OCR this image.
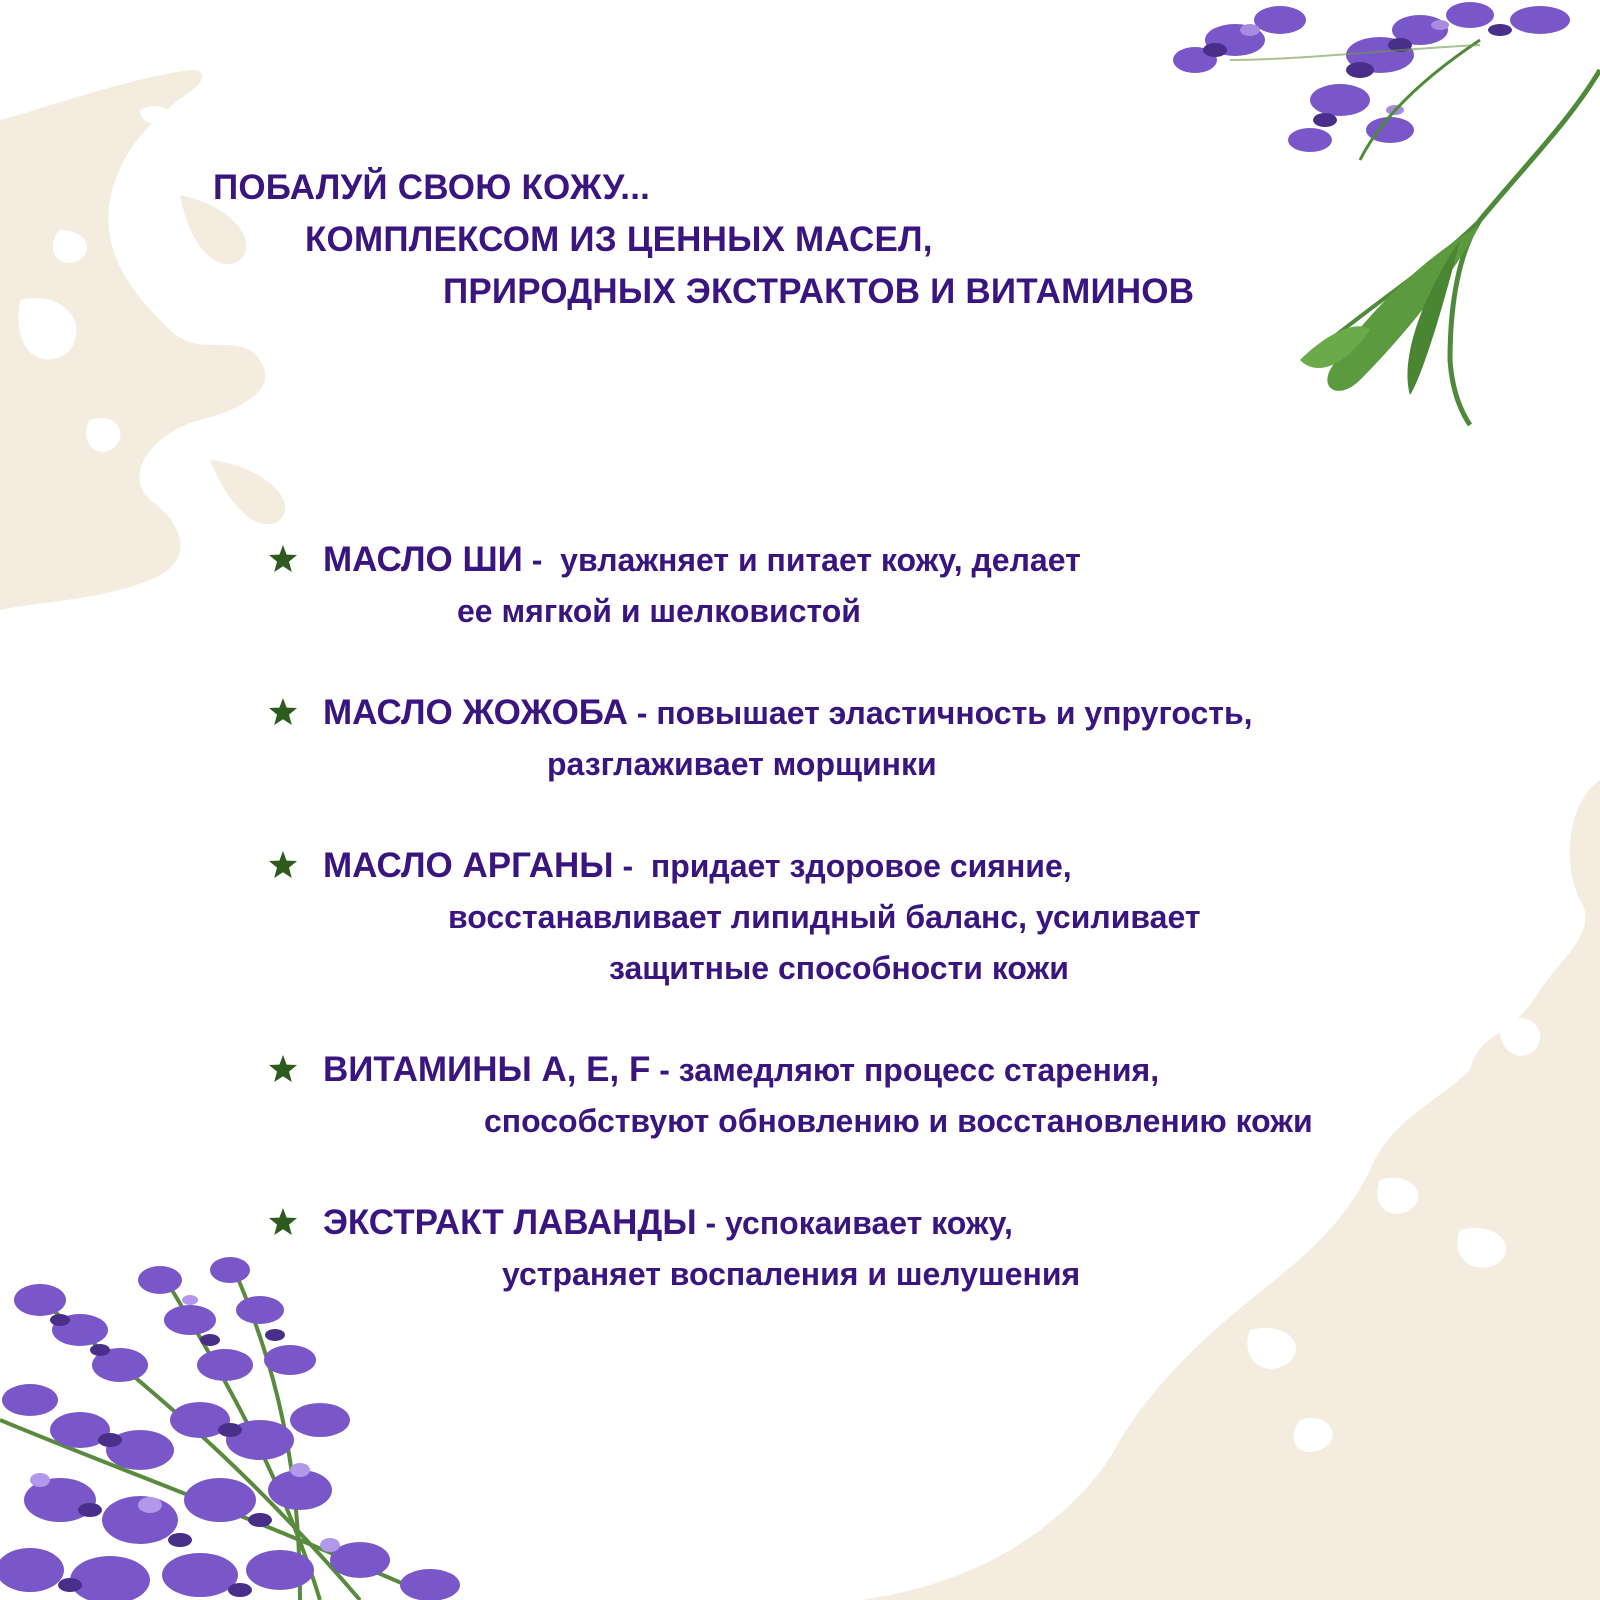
ПОБАЛУЙ СВОЮ КОЖУ...
КОМПЛЕКСОМ ИЗ ЦЕННЫХ МАСЕЛ,
ПРИРОДНЫХ ЭКСТРАКТОВ И ВИТАМИНОВ
МАСЛО ШИ -  увлажняет и питает кожу, делает
ее мягкой и шелковистой
МАСЛО ЖОЖОБА - повышает эластичность и упругость,
разглаживает морщинки
МАСЛО АРГАНЫ -  придает здоровое сияние,
восстанавливает липидный баланс, усиливает
защитные способности кожи
ВИТАМИНЫ А, Е, F - замедляют процесс старения,
способствуют обновлению и восстановлению кожи
ЭКСТРАКТ ЛАВАНДЫ - успокаивает кожу,
устраняет воспаления и шелушения
